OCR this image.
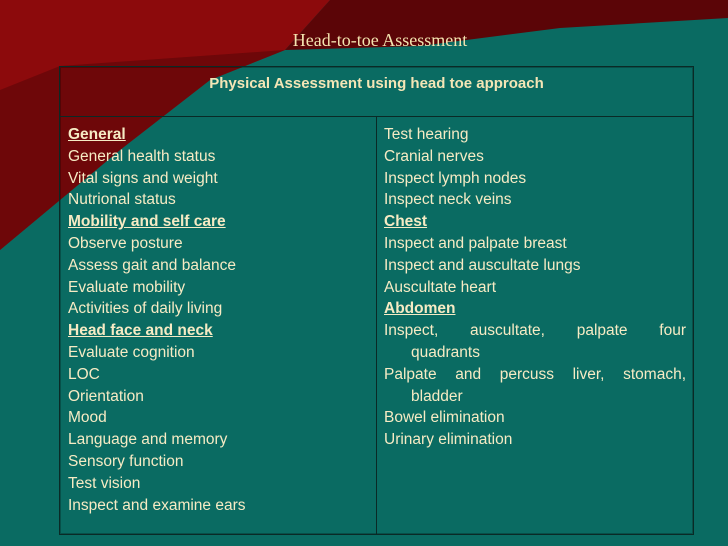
Head-to-toe Assessment
Physical Assessment using head toe approach
General
General health status
Vital signs and weight
Nutrional status
Mobility and self care
Observe posture
Assess gait and balance
Evaluate mobility
Activities of daily living
Head face and neck
Evaluate cognition
LOC
Orientation
Mood
Language and memory
Sensory function
Test vision
Inspect and examine ears
Test hearing
Cranial nerves
Inspect lymph nodes
Inspect neck veins
Chest
Inspect and palpate breast
Inspect and auscultate lungs
Auscultate heart
Abdomen
Inspect, auscultate, palpate four
quadrants
Palpate and percuss liver, stomach,
bladder
Bowel elimination
Urinary elimination
